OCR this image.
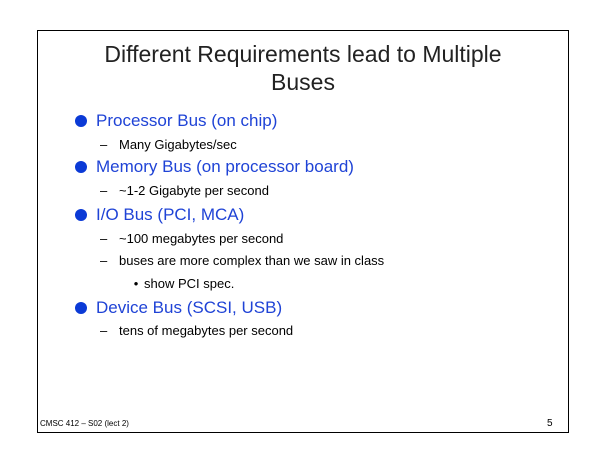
Different Requirements lead to Multiple
Buses
Processor Bus (on chip)
– Many Gigabytes/sec
Memory Bus (on processor board)
– ~1-2 Gigabyte per second
I/O Bus (PCI, MCA)
– ~100 megabytes per second
– buses are more complex than we saw in class
• show PCI spec.
Device Bus (SCSI, USB)
– tens of megabytes per second
CMSC 412 – S02 (lect 2)	5
